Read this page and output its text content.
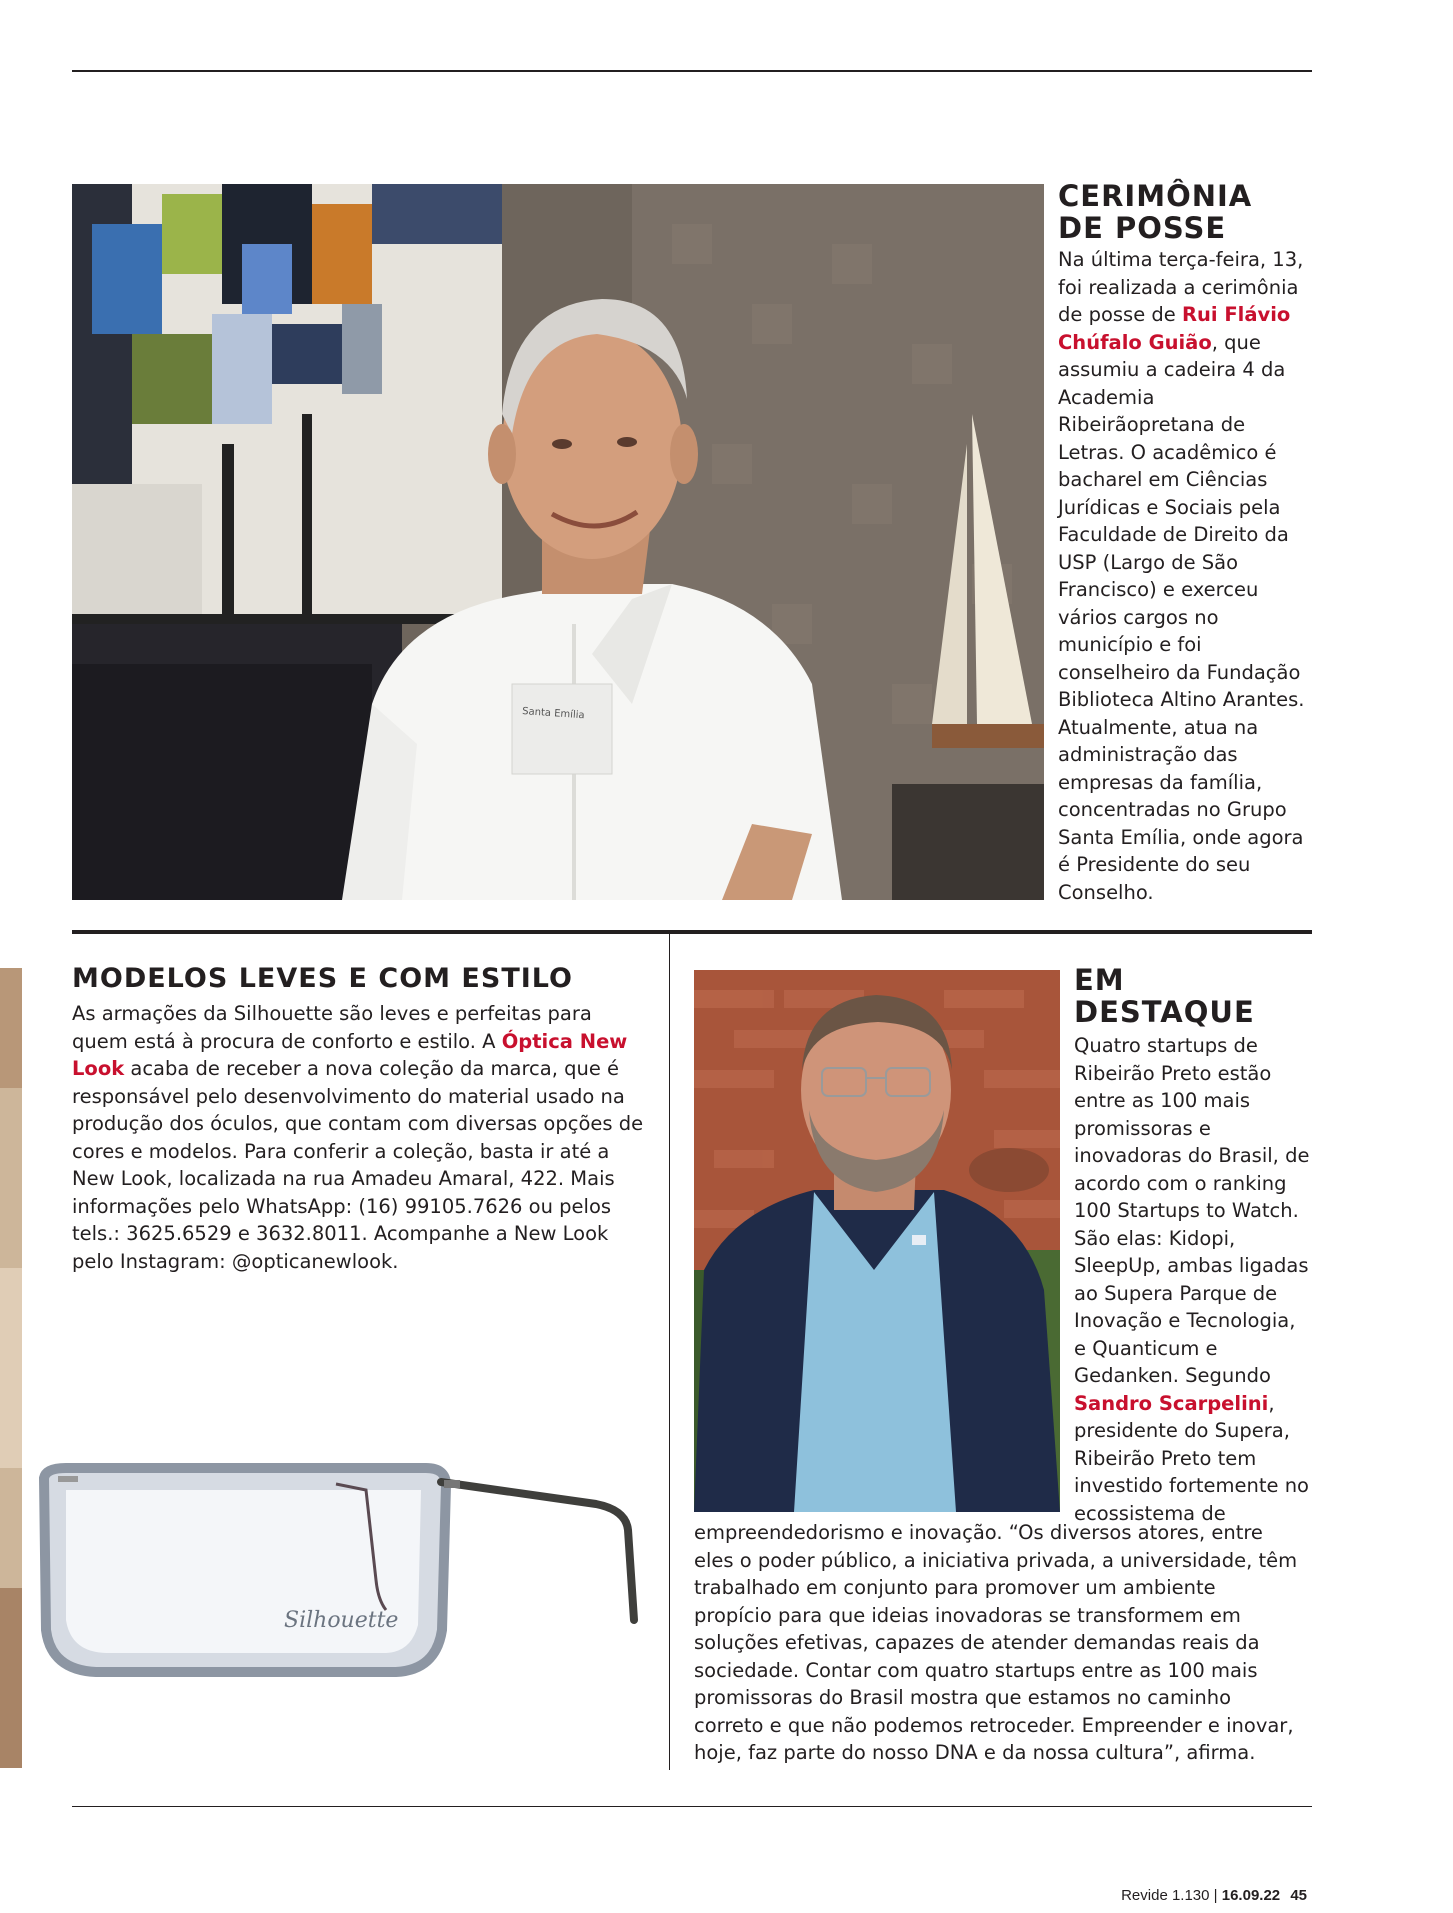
Santa Emília
CERIMÔNIA
DE POSSE

Na última terça-feira, 13, foi realizada a cerimônia de posse de Rui Flávio Chúfalo Guião, que assumiu a cadeira 4 da Academia Ribeirãopretana de Letras. O acadêmico é bacharel em Ciências Jurídicas e Sociais pela Faculdade de Direito da USP (Largo de São Francisco) e exerceu vários cargos no município e foi conselheiro da Fundação Biblioteca Altino Arantes. Atualmente, atua na administração das empresas da família, concentradas no Grupo Santa Emília, onde agora é Presidente do seu Conselho.

MODELOS LEVES E COM ESTILO

As armações da Silhouette são leves e perfeitas para quem está à procura de conforto e estilo. A Óptica New Look acaba de receber a nova coleção da marca, que é responsável pelo desenvolvimento do material usado na produção dos óculos, que contam com diversas opções de cores e modelos. Para conferir a coleção, basta ir até a New Look, localizada na rua Amadeu Amaral, 422. Mais informações pelo WhatsApp: (16) 99105.7626 ou pelos tels.: 3625.6529 e 3632.8011. Acompanhe a New Look pelo Instagram: @opticanewlook.

Silhouette
EM
DESTAQUE

Quatro startups de Ribeirão Preto estão entre as 100 mais promissoras e inovadoras do Brasil, de acordo com o ranking 100 Startups to Watch. São elas: Kidopi, SleepUp, ambas ligadas ao Supera Parque de Inovação e Tecnologia, e Quanticum e Gedanken. Segundo Sandro Scarpelini, presidente do Supera, Ribeirão Preto tem investido fortemente no ecossistema de

empreendedorismo e inovação. “Os diversos atores, entre eles o poder público, a iniciativa privada, a universidade, têm trabalhado em conjunto para promover um ambiente propício para que ideias inovadoras se transformem em soluções efetivas, capazes de atender demandas reais da sociedade. Contar com quatro startups entre as 100 mais promissoras do Brasil mostra que estamos no caminho correto e que não podemos retroceder. Empreender e inovar, hoje, faz parte do nosso DNA e da nossa cultura”, afirma.

Revide 1.130 | 16.09.22 45
